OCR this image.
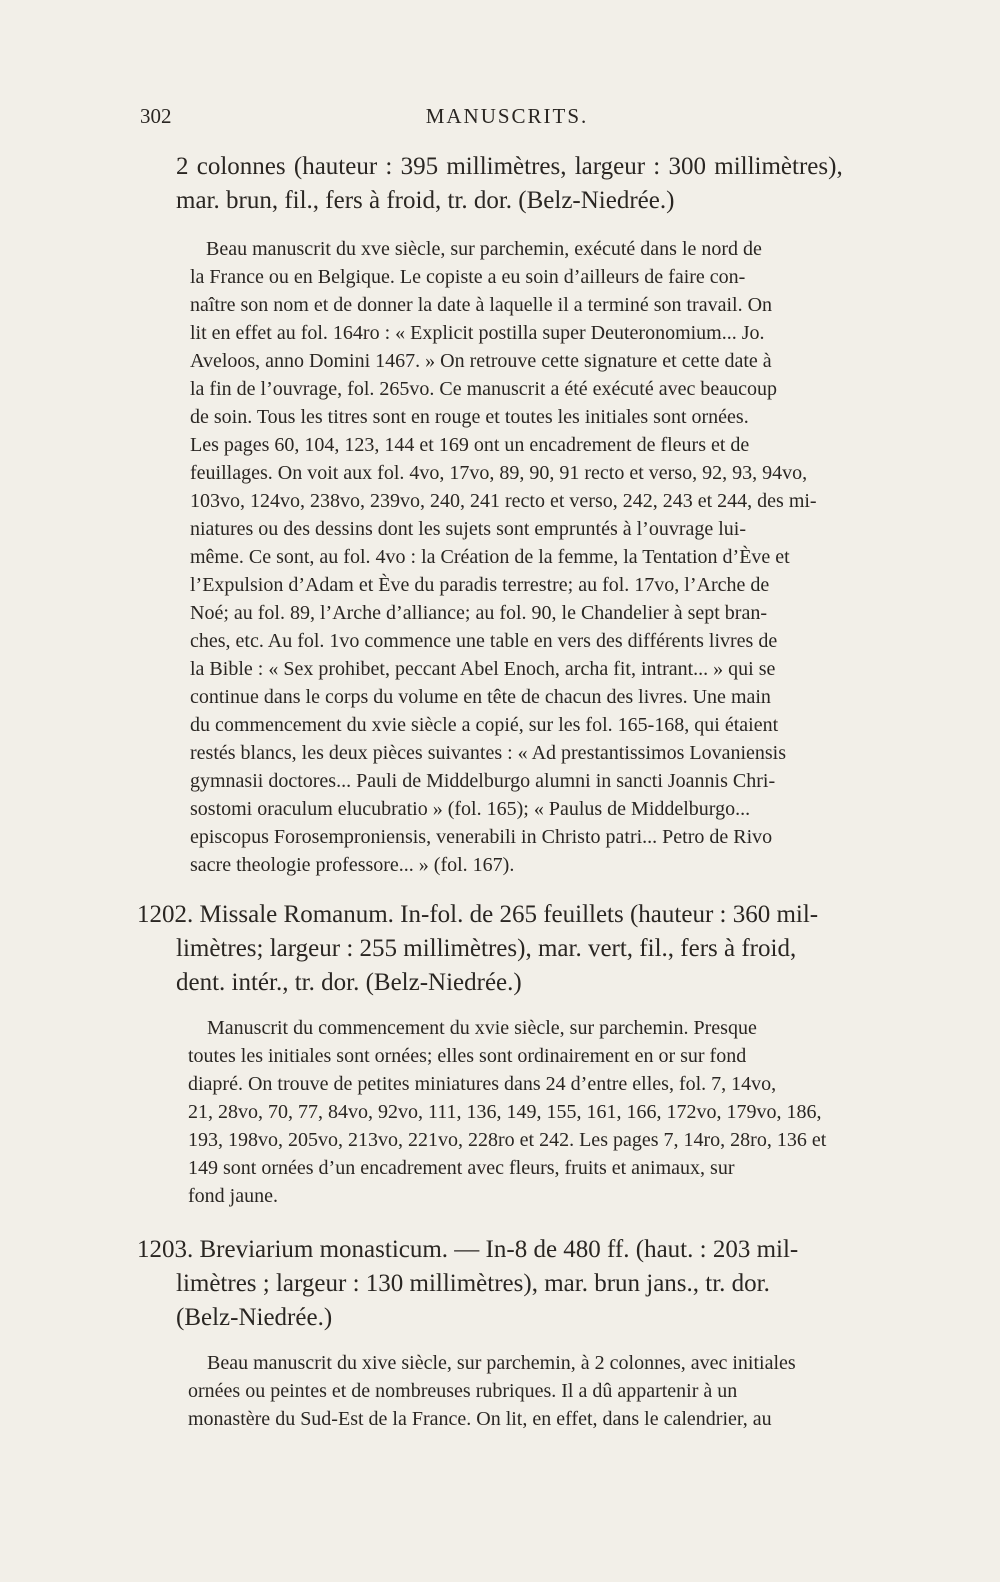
302	MANUSCRITS.
2 colonnes (hauteur : 395 millimètres, largeur : 300 millimètres),
mar. brun, fil., fers à froid, tr. dor. (Belz-Niedrée.)
Beau manuscrit du xve siècle, sur parchemin, exécuté dans le nord de
la France ou en Belgique. Le copiste a eu soin d’ailleurs de faire con-
naître son nom et de donner la date à laquelle il a terminé son travail. On
lit en effet au fol. 164ro : « Explicit postilla super Deuteronomium... Jo.
Aveloos, anno Domini 1467. » On retrouve cette signature et cette date à
la fin de l’ouvrage, fol. 265vo. Ce manuscrit a été exécuté avec beaucoup
de soin. Tous les titres sont en rouge et toutes les initiales sont ornées.
Les pages 60, 104, 123, 144 et 169 ont un encadrement de fleurs et de
feuillages. On voit aux fol. 4vo, 17vo, 89, 90, 91 recto et verso, 92, 93, 94vo,
103vo, 124vo, 238vo, 239vo, 240, 241 recto et verso, 242, 243 et 244, des mi-
niatures ou des dessins dont les sujets sont empruntés à l’ouvrage lui-
même. Ce sont, au fol. 4vo : la Création de la femme, la Tentation d’Ève et
l’Expulsion d’Adam et Ève du paradis terrestre; au fol. 17vo, l’Arche de
Noé; au fol. 89, l’Arche d’alliance; au fol. 90, le Chandelier à sept bran-
ches, etc. Au fol. 1vo commence une table en vers des différents livres de
la Bible : « Sex prohibet, peccant Abel Enoch, archa fit, intrant... » qui se
continue dans le corps du volume en tête de chacun des livres. Une main
du commencement du xvie siècle a copié, sur les fol. 165-168, qui étaient
restés blancs, les deux pièces suivantes : « Ad prestantissimos Lovaniensis
gymnasii doctores... Pauli de Middelburgo alumni in sancti Joannis Chri-
sostomi oraculum elucubratio » (fol. 165); « Paulus de Middelburgo...
episcopus Forosemproniensis, venerabili in Christo patri... Petro de Rivo
sacre theologie professore... » (fol. 167).
1202. Missale Romanum. In-fol. de 265 feuillets (hauteur : 360 mil-
limètres; largeur : 255 millimètres), mar. vert, fil., fers à froid,
dent. intér., tr. dor. (Belz-Niedrée.)
Manuscrit du commencement du xvie siècle, sur parchemin. Presque
toutes les initiales sont ornées; elles sont ordinairement en or sur fond
diapré. On trouve de petites miniatures dans 24 d’entre elles, fol. 7, 14vo,
21, 28vo, 70, 77, 84vo, 92vo, 111, 136, 149, 155, 161, 166, 172vo, 179vo, 186,
193, 198vo, 205vo, 213vo, 221vo, 228ro et 242. Les pages 7, 14ro, 28ro, 136 et
149 sont ornées d’un encadrement avec fleurs, fruits et animaux, sur
fond jaune.
1203. Breviarium monasticum. — In-8 de 480 ff. (haut. : 203 mil-
limètres ; largeur : 130 millimètres), mar. brun jans., tr. dor.
(Belz-Niedrée.)
Beau manuscrit du xive siècle, sur parchemin, à 2 colonnes, avec initiales
ornées ou peintes et de nombreuses rubriques. Il a dû appartenir à un
monastère du Sud-Est de la France. On lit, en effet, dans le calendrier, au
